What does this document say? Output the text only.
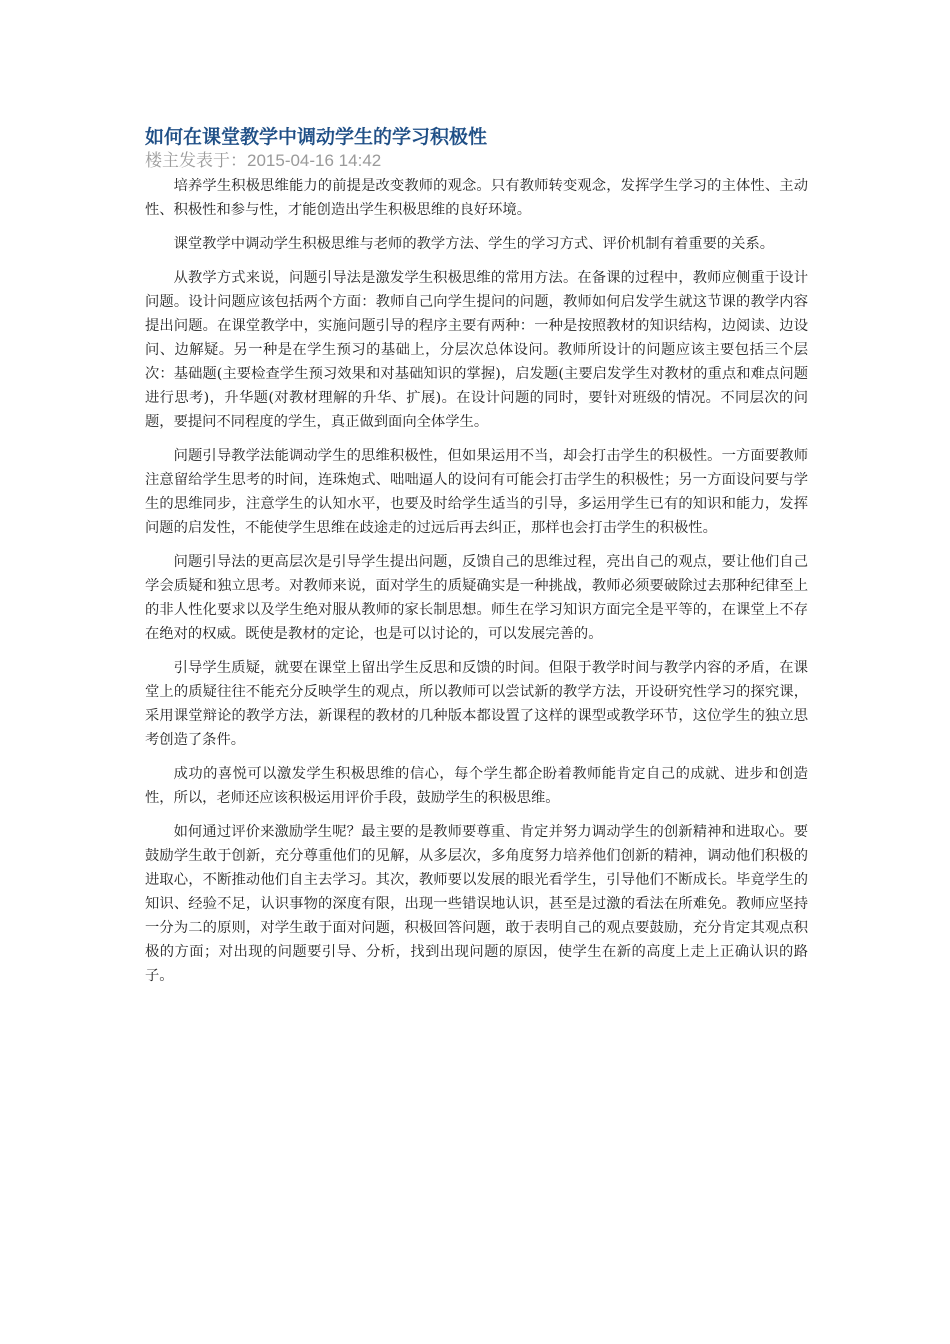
如何在课堂教学中调动学生的学习积极性
楼主发表于：2015-04-16 14:42

培养学生积极思维能力的前提是改变教师的观念。只有教师转变观念，发挥学生学习的主体性、主动性、积极性和参与性，才能创造出学生积极思维的良好环境。

课堂教学中调动学生积极思维与老师的教学方法、学生的学习方式、评价机制有着重要的关系。

从教学方式来说，问题引导法是激发学生积极思维的常用方法。在备课的过程中，教师应侧重于设计问题。设计问题应该包括两个方面：教师自己向学生提问的问题，教师如何启发学生就这节课的教学内容提出问题。在课堂教学中，实施问题引导的程序主要有两种：一种是按照教材的知识结构，边阅读、边设问、边解疑。另一种是在学生预习的基础上，分层次总体设问。教师所设计的问题应该主要包括三个层次：基础题(主要检查学生预习效果和对基础知识的掌握)，启发题(主要启发学生对教材的重点和难点问题进行思考)，升华题(对教材理解的升华、扩展)。在设计问题的同时，要针对班级的情况。不同层次的问题，要提问不同程度的学生，真正做到面向全体学生。

问题引导教学法能调动学生的思维积极性，但如果运用不当，却会打击学生的积极性。一方面要教师注意留给学生思考的时间，连珠炮式、咄咄逼人的设问有可能会打击学生的积极性；另一方面设问要与学生的思维同步，注意学生的认知水平，也要及时给学生适当的引导，多运用学生已有的知识和能力，发挥问题的启发性，不能使学生思维在歧途走的过远后再去纠正，那样也会打击学生的积极性。

问题引导法的更高层次是引导学生提出问题，反馈自己的思维过程，亮出自己的观点，要让他们自己学会质疑和独立思考。对教师来说，面对学生的质疑确实是一种挑战，教师必须要破除过去那种纪律至上的非人性化要求以及学生绝对服从教师的家长制思想。师生在学习知识方面完全是平等的，在课堂上不存在绝对的权威。既使是教材的定论，也是可以讨论的，可以发展完善的。

引导学生质疑，就要在课堂上留出学生反思和反馈的时间。但限于教学时间与教学内容的矛盾，在课堂上的质疑往往不能充分反映学生的观点，所以教师可以尝试新的教学方法，开设研究性学习的探究课，采用课堂辩论的教学方法，新课程的教材的几种版本都设置了这样的课型或教学环节，这位学生的独立思考创造了条件。

成功的喜悦可以激发学生积极思维的信心，每个学生都企盼着教师能肯定自己的成就、进步和创造性，所以，老师还应该积极运用评价手段，鼓励学生的积极思维。

如何通过评价来激励学生呢？最主要的是教师要尊重、肯定并努力调动学生的创新精神和进取心。要鼓励学生敢于创新，充分尊重他们的见解，从多层次，多角度努力培养他们创新的精神，调动他们积极的进取心，不断推动他们自主去学习。其次，教师要以发展的眼光看学生，引导他们不断成长。毕竟学生的知识、经验不足，认识事物的深度有限，出现一些错误地认识，甚至是过激的看法在所难免。教师应坚持一分为二的原则，对学生敢于面对问题，积极回答问题，敢于表明自己的观点要鼓励，充分肯定其观点积极的方面；对出现的问题要引导、分析，找到出现问题的原因，使学生在新的高度上走上正确认识的路子。
